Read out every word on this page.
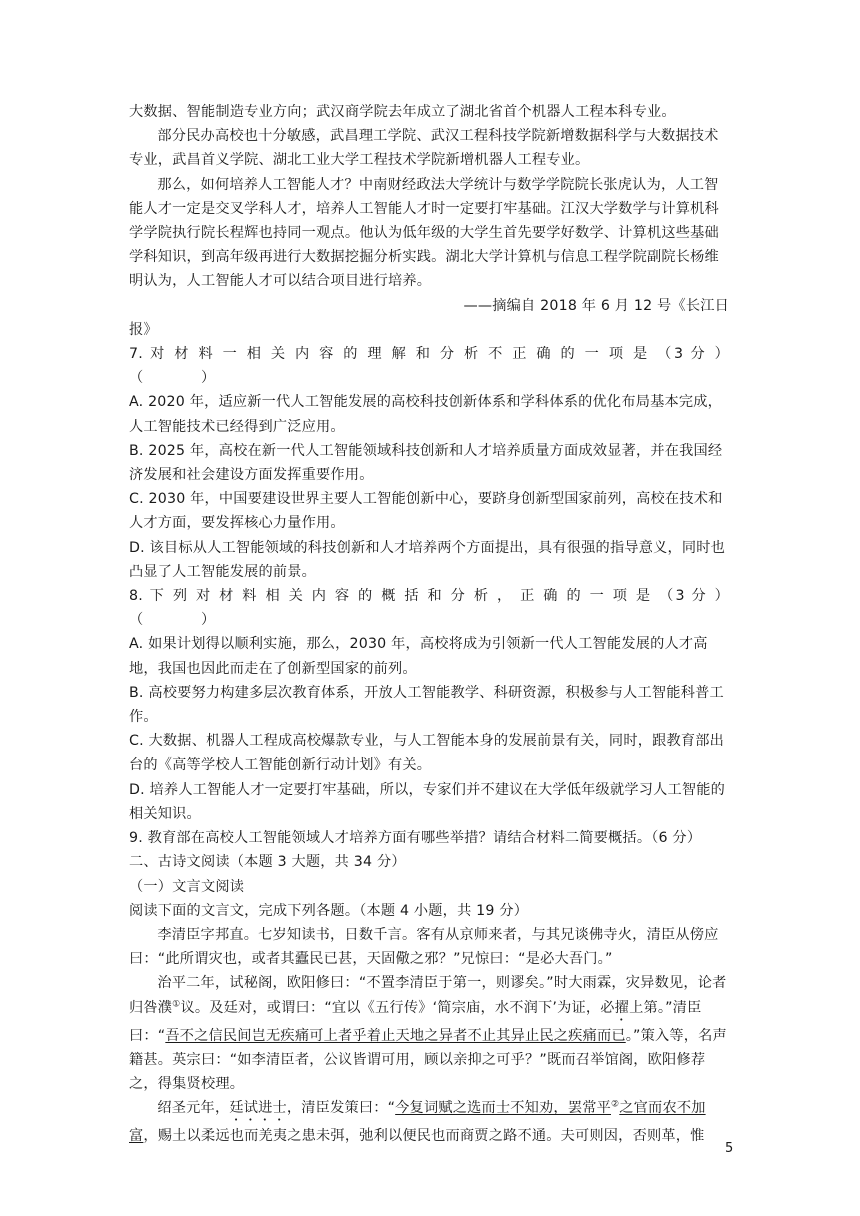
大数据、智能制造专业方向；武汉商学院去年成立了湖北省首个机器人工程本科专业。

部分民办高校也十分敏感，武昌理工学院、武汉工程科技学院新增数据科学与大数据技术专业，武昌首义学院、湖北工业大学工程技术学院新增机器人工程专业。

那么，如何培养人工智能人才？中南财经政法大学统计与数学学院院长张虎认为，人工智能人才一定是交叉学科人才，培养人工智能人才时一定要打牢基础。江汉大学数学与计算机科学学院执行院长程辉也持同一观点。他认为低年级的大学生首先要学好数学、计算机这些基础学科知识，到高年级再进行大数据挖掘分析实践。湖北大学计算机与信息工程学院副院长杨维明认为，人工智能人才可以结合项目进行培养。

——摘编自 2018 年 6 月 12 号《长江日

报》

7. 对 材 料 一 相 关 内 容 的 理 解 和 分 析 不 正 确 的 一 项 是 （3 分 ）

（　　　　）

A. 2020 年，适应新一代人工智能发展的高校科技创新体系和学科体系的优化布局基本完成，人工智能技术已经得到广泛应用。

B. 2025 年，高校在新一代人工智能领域科技创新和人才培养质量方面成效显著，并在我国经济发展和社会建设方面发挥重要作用。

C. 2030 年，中国要建设世界主要人工智能创新中心，要跻身创新型国家前列，高校在技术和人才方面，要发挥核心力量作用。

D. 该目标从人工智能领域的科技创新和人才培养两个方面提出，具有很强的指导意义，同时也凸显了人工智能发展的前景。

8. 下 列 对 材 料 相 关 内 容 的 概 括 和 分 析 ， 正 确 的 一 项 是 （3 分 ）

（　　　　）

A. 如果计划得以顺利实施，那么，2030 年，高校将成为引领新一代人工智能发展的人才高地，我国也因此而走在了创新型国家的前列。

B. 高校要努力构建多层次教育体系，开放人工智能教学、科研资源，积极参与人工智能科普工作。

C. 大数据、机器人工程成高校爆款专业，与人工智能本身的发展前景有关，同时，跟教育部出台的《高等学校人工智能创新行动计划》有关。

D. 培养人工智能人才一定要打牢基础，所以，专家们并不建议在大学低年级就学习人工智能的相关知识。

9. 教育部在高校人工智能领域人才培养方面有哪些举措？请结合材料二简要概括。（6 分）

二、古诗文阅读（本题 3 大题，共 34 分）

（一）文言文阅读

阅读下面的文言文，完成下列各题。（本题 4 小题，共 19 分）

李清臣字邦直。七岁知读书，日数千言。客有从京师来者，与其兄谈佛寺火，清臣从傍应曰：“此所谓灾也，或者其蠹民已甚，天固儆之邪？”兄惊曰：“是必大吾门。”

治平二年，试秘阁，欧阳修曰：“不置李清臣于第一，则谬矣。”时大雨霖，灾异数见，论者归咎濮①议。及廷对，或谓曰：“宜以《五行传》‘简宗庙，水不润下’为证，必擢上第。”清臣曰：“吾不之信民间岂无疾痛可上者乎着止天地之异者不止其异止民之疾痛而已。”策入等，名声籍甚。英宗曰：“如李清臣者，公议皆谓可用，顾以亲抑之可乎？”既而召举馆阁，欧阳修荐之，得集贤校理。

绍圣元年，廷试进士，清臣发策曰：“今复词赋之选而士不知劝，罢常平②之官而农不加富，赐土以柔远也而羌夷之患未弭，弛利以便民也而商贾之路不通。夫可则因，否则革，惟

5
